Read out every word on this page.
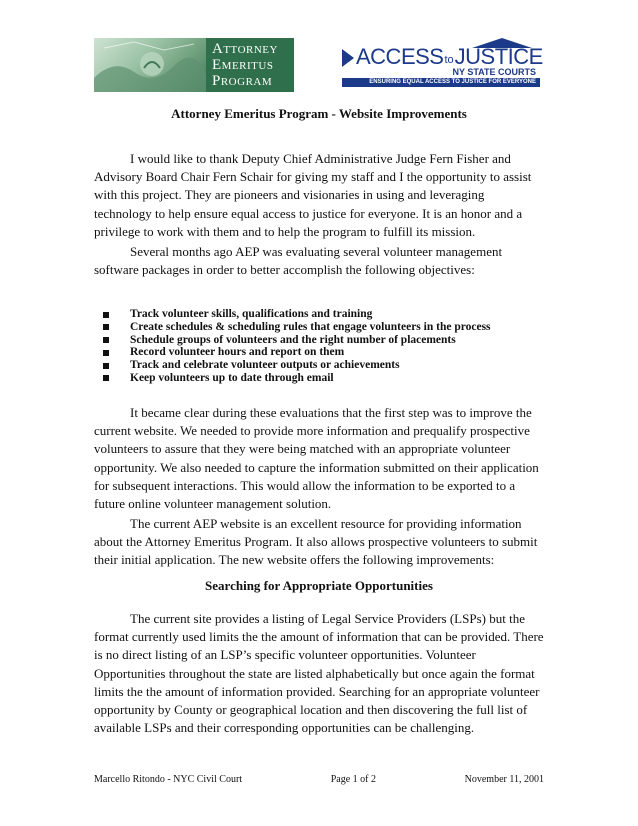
Attorney
Emeritus
Program
ACCESS to JUSTICE
NY STATE COURTS
ENSURING EQUAL ACCESS TO JUSTICE FOR EVERYONE
Attorney Emeritus Program - Website Improvements

I would like to thank Deputy Chief Administrative Judge Fern Fisher and Advisory Board Chair Fern Schair for giving my staff and I the opportunity to assist with this project. They are pioneers and visionaries in using and leveraging technology to help ensure equal access to justice for everyone. It is an honor and a privilege to work with them and to help the program to fulfill its mission.

Several months ago AEP was evaluating several volunteer management software packages in order to better accomplish the following objectives:

Track volunteer skills, qualifications and training
Create schedules & scheduling rules that engage volunteers in the process
Schedule groups of volunteers and the right number of placements
Record volunteer hours and report on them
Track and celebrate volunteer outputs or achievements
Keep volunteers up to date through email

It became clear during these evaluations that the first step was to improve the current website. We needed to provide more information and prequalify prospective volunteers to assure that they were being matched with an appropriate volunteer opportunity. We also needed to capture the information submitted on their application for subsequent interactions. This would allow the information to be exported to a future online volunteer management solution.

The current AEP website is an excellent resource for providing information about the Attorney Emeritus Program. It also allows prospective volunteers to submit their initial application. The new website offers the following improvements:

Searching for Appropriate Opportunities

The current site provides a listing of Legal Service Providers (LSPs) but the format currently used limits the the amount of information that can be provided. There is no direct listing of an LSP’s specific volunteer opportunities. Volunteer Opportunities throughout the state are listed alphabetically but once again the format limits the the amount of information provided. Searching for an appropriate volunteer opportunity by County or geographical location and then discovering the full list of available LSPs and their corresponding opportunities can be challenging.

Marcello Ritondo - NYC Civil Court	Page 1 of 2	November 11, 2001
